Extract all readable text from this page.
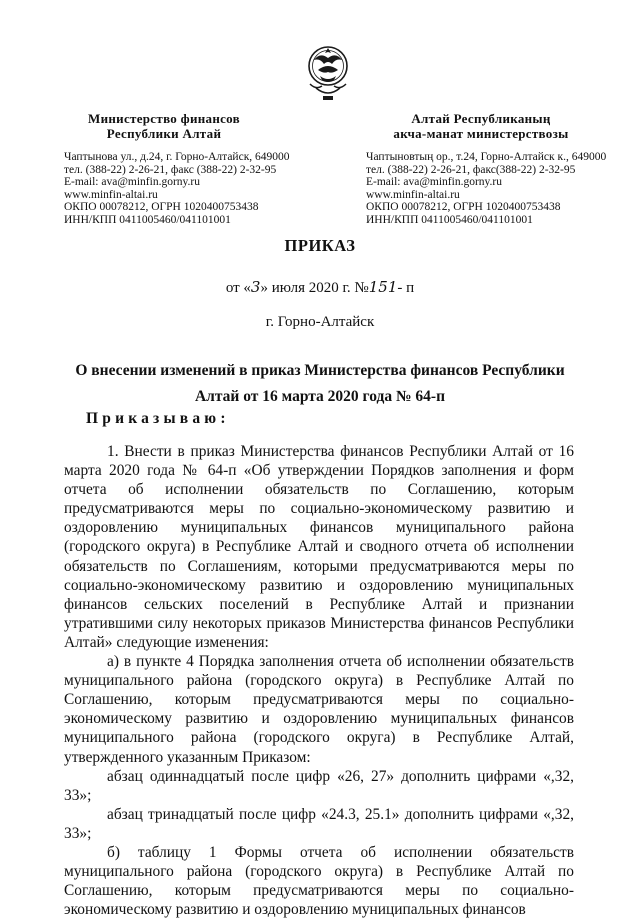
Министерство финансов
Республики Алтай
Чаптынова ул., д.24, г. Горно-Алтайск, 649000
тел. (388-22) 2-26-21, факс (388-22) 2-32-95
E-mail: ava@minfin.gorny.ru
www.minfin-altai.ru
ОКПО 00078212, ОГРН 1020400753438
ИНН/КПП 0411005460/041101001
Алтай Республиканың
акча-манат министерствозы
Чаптыновтың ор., т.24, Горно-Алтайск к., 649000
тел. (388-22) 2-26-21, факс(388-22) 2-32-95
E-mail: ava@minfin.gorny.ru
www.minfin-altai.ru
ОКПО 00078212, ОГРН 1020400753438
ИНН/КПП 0411005460/041101001
ПРИКАЗ
от «3» июля 2020 г. №151- п
г. Горно-Алтайск
О внесении изменений в приказ Министерства финансов Республики
Алтай от 16 марта 2020 года № 64-п
Приказываю:

1. Внести в приказ Министерства финансов Республики Алтай от 16 марта 2020 года № 64-п «Об утверждении Порядков заполнения и форм отчета об исполнении обязательств по Соглашению, которым предусматриваются меры по социально-экономическому развитию и оздоровлению муниципальных финансов муниципального района (городского округа) в Республике Алтай и сводного отчета об исполнении обязательств по Соглашениям, которыми предусматриваются меры по социально-экономическому развитию и оздоровлению муниципальных финансов сельских поселений в Республике Алтай и признании утратившими силу некоторых приказов Министерства финансов Республики Алтай» следующие изменения:

а) в пункте 4 Порядка заполнения отчета об исполнении обязательств муниципального района (городского округа) в Республике Алтай по Соглашению, которым предусматриваются меры по социально-экономическому развитию и оздоровлению муниципальных финансов муниципального района (городского округа) в Республике Алтай, утвержденного указанным Приказом:

абзац одиннадцатый после цифр «26, 27» дополнить цифрами «,32, 33»;

абзац тринадцатый после цифр «24.3, 25.1» дополнить цифрами «,32, 33»;

б) таблицу 1 Формы отчета об исполнении обязательств муниципального района (городского округа) в Республике Алтай по Соглашению, которым предусматриваются меры по социально-экономическому развитию и оздоровлению муниципальных финансов
